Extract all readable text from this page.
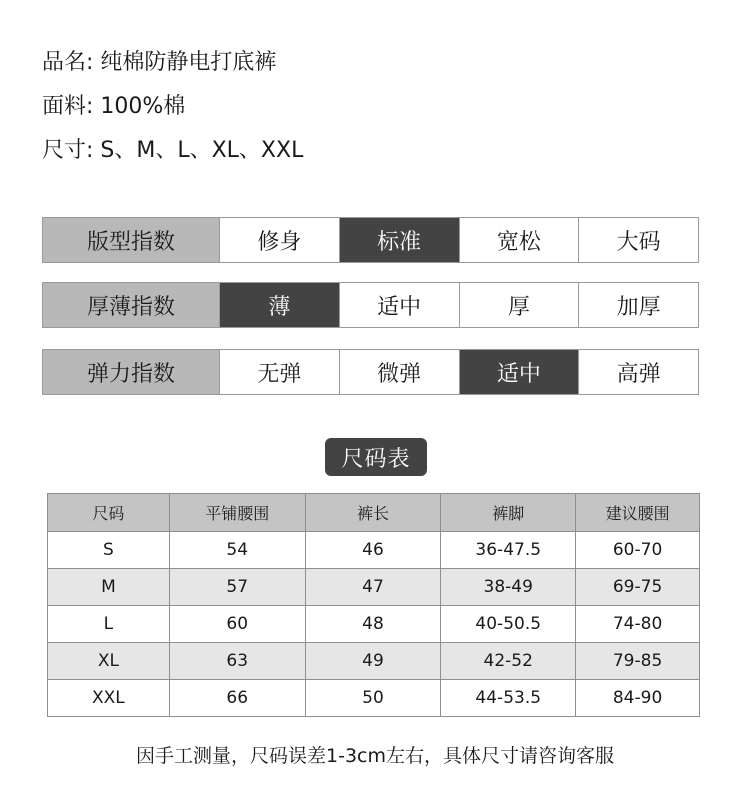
品名: 纯棉防静电打底裤
面料: 100%棉
尺寸: S、M、L、XL、XXL
版型指数	修身	标准	宽松	大码
厚薄指数	薄	适中	厚	加厚
弹力指数	无弹	微弹	适中	高弹
尺码表
尺码	平铺腰围	裤长	裤脚	建议腰围
S	54	46	36-47.5	60-70
M	57	47	38-49	69-75
L	60	48	40-50.5	74-80
XL	63	49	42-52	79-85
XXL	66	50	44-53.5	84-90
因手工测量，尺码误差1-3cm左右，具体尺寸请咨询客服
